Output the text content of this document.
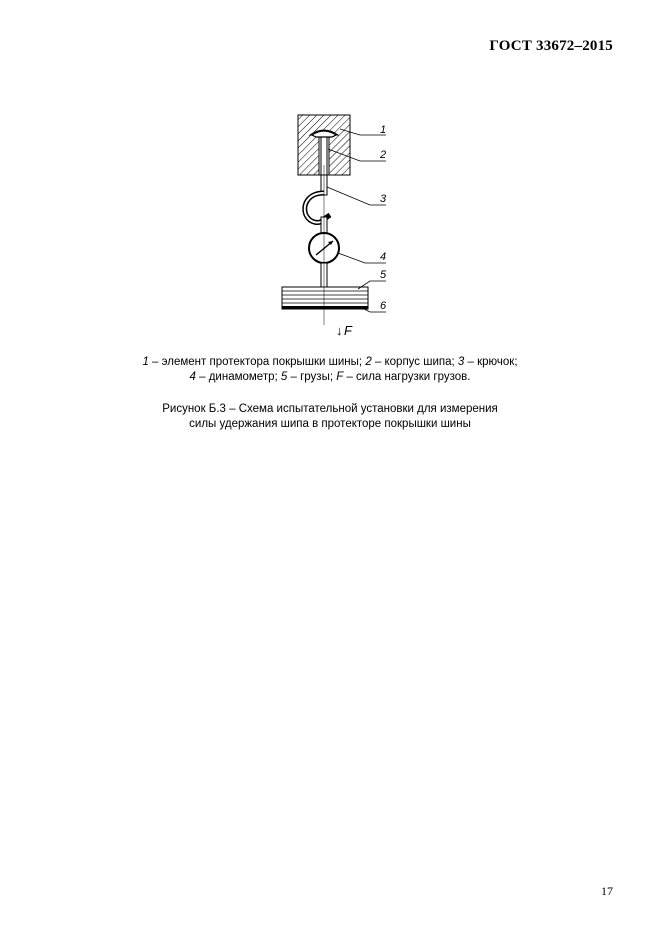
ГОСТ 33672–2015
1
2
3
4
5
6
↓ F
1 – элемент протектора покрышки шины; 2 – корпус шипа; 3 – крючок;
4 – динамометр; 5 – грузы; F – сила нагрузки грузов.
Рисунок Б.3 – Схема испытательной установки для измерения
силы удержания шипа в протекторе покрышки шины
17
